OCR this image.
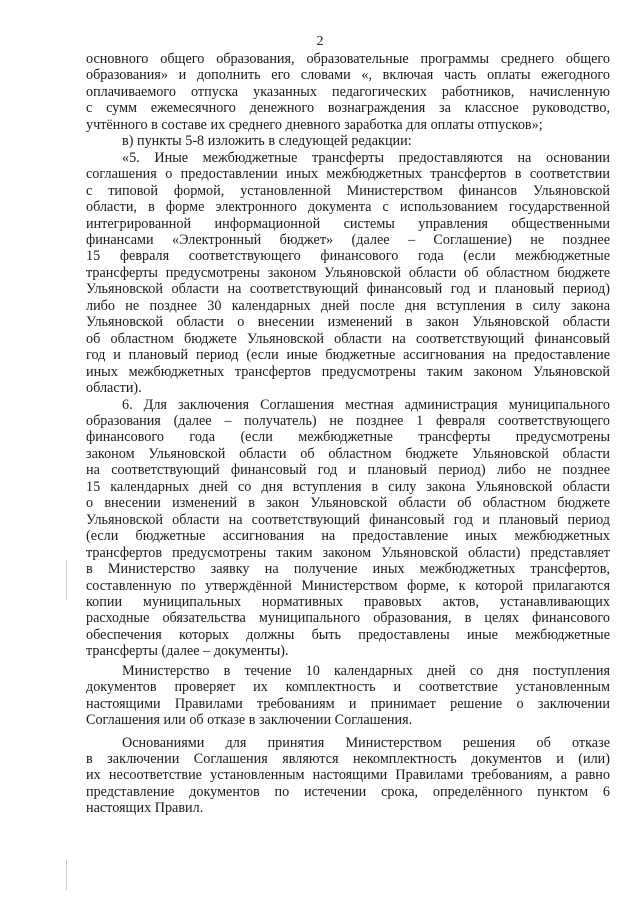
2

основного общего образования, образовательные программы среднего общего
образования» и дополнить его словами «, включая часть оплаты ежегодного
оплачиваемого отпуска указанных педагогических работников, начисленную
с сумм ежемесячного денежного вознаграждения за классное руководство,
учтённого в составе их среднего дневного заработка для оплаты отпусков»;

в) пункты 5-8 изложить в следующей редакции:

«5. Иные межбюджетные трансферты предоставляются на основании
соглашения о предоставлении иных межбюджетных трансфертов в соответствии
с типовой формой, установленной Министерством финансов Ульяновской
области, в форме электронного документа с использованием государственной
интегрированной информационной системы управления общественными
финансами «Электронный бюджет» (далее – Соглашение) не позднее
15 февраля соответствующего финансового года (если межбюджетные
трансферты предусмотрены законом Ульяновской области об областном бюджете
Ульяновской области на соответствующий финансовый год и плановый период)
либо не позднее 30 календарных дней после дня вступления в силу закона
Ульяновской области о внесении изменений в закон Ульяновской области
об областном бюджете Ульяновской области на соответствующий финансовый
год и плановый период (если иные бюджетные ассигнования на предоставление
иных межбюджетных трансфертов предусмотрены таким законом Ульяновской
области).

6. Для заключения Соглашения местная администрация муниципального
образования (далее – получатель) не позднее 1 февраля соответствующего
финансового года (если межбюджетные трансферты предусмотрены
законом Ульяновской области об областном бюджете Ульяновской области
на соответствующий финансовый год и плановый период) либо не позднее
15 календарных дней со дня вступления в силу закона Ульяновской области
о внесении изменений в закон Ульяновской области об областном бюджете
Ульяновской области на соответствующий финансовый год и плановый период
(если бюджетные ассигнования на предоставление иных межбюджетных
трансфертов предусмотрены таким законом Ульяновской области) представляет
в Министерство заявку на получение иных межбюджетных трансфертов,
составленную по утверждённой Министерством форме, к которой прилагаются
копии муниципальных нормативных правовых актов, устанавливающих
расходные обязательства муниципального образования, в целях финансового
обеспечения которых должны быть предоставлены иные межбюджетные
трансферты (далее – документы).

Министерство в течение 10 календарных дней со дня поступления
документов проверяет их комплектность и соответствие установленным
настоящими Правилами требованиям и принимает решение о заключении
Соглашения или об отказе в заключении Соглашения.

Основаниями для принятия Министерством решения об отказе
в заключении Соглашения являются некомплектность документов и (или)
их несоответствие установленным настоящими Правилами требованиям, а равно
представление документов по истечении срока, определённого пунктом 6
настоящих Правил.
